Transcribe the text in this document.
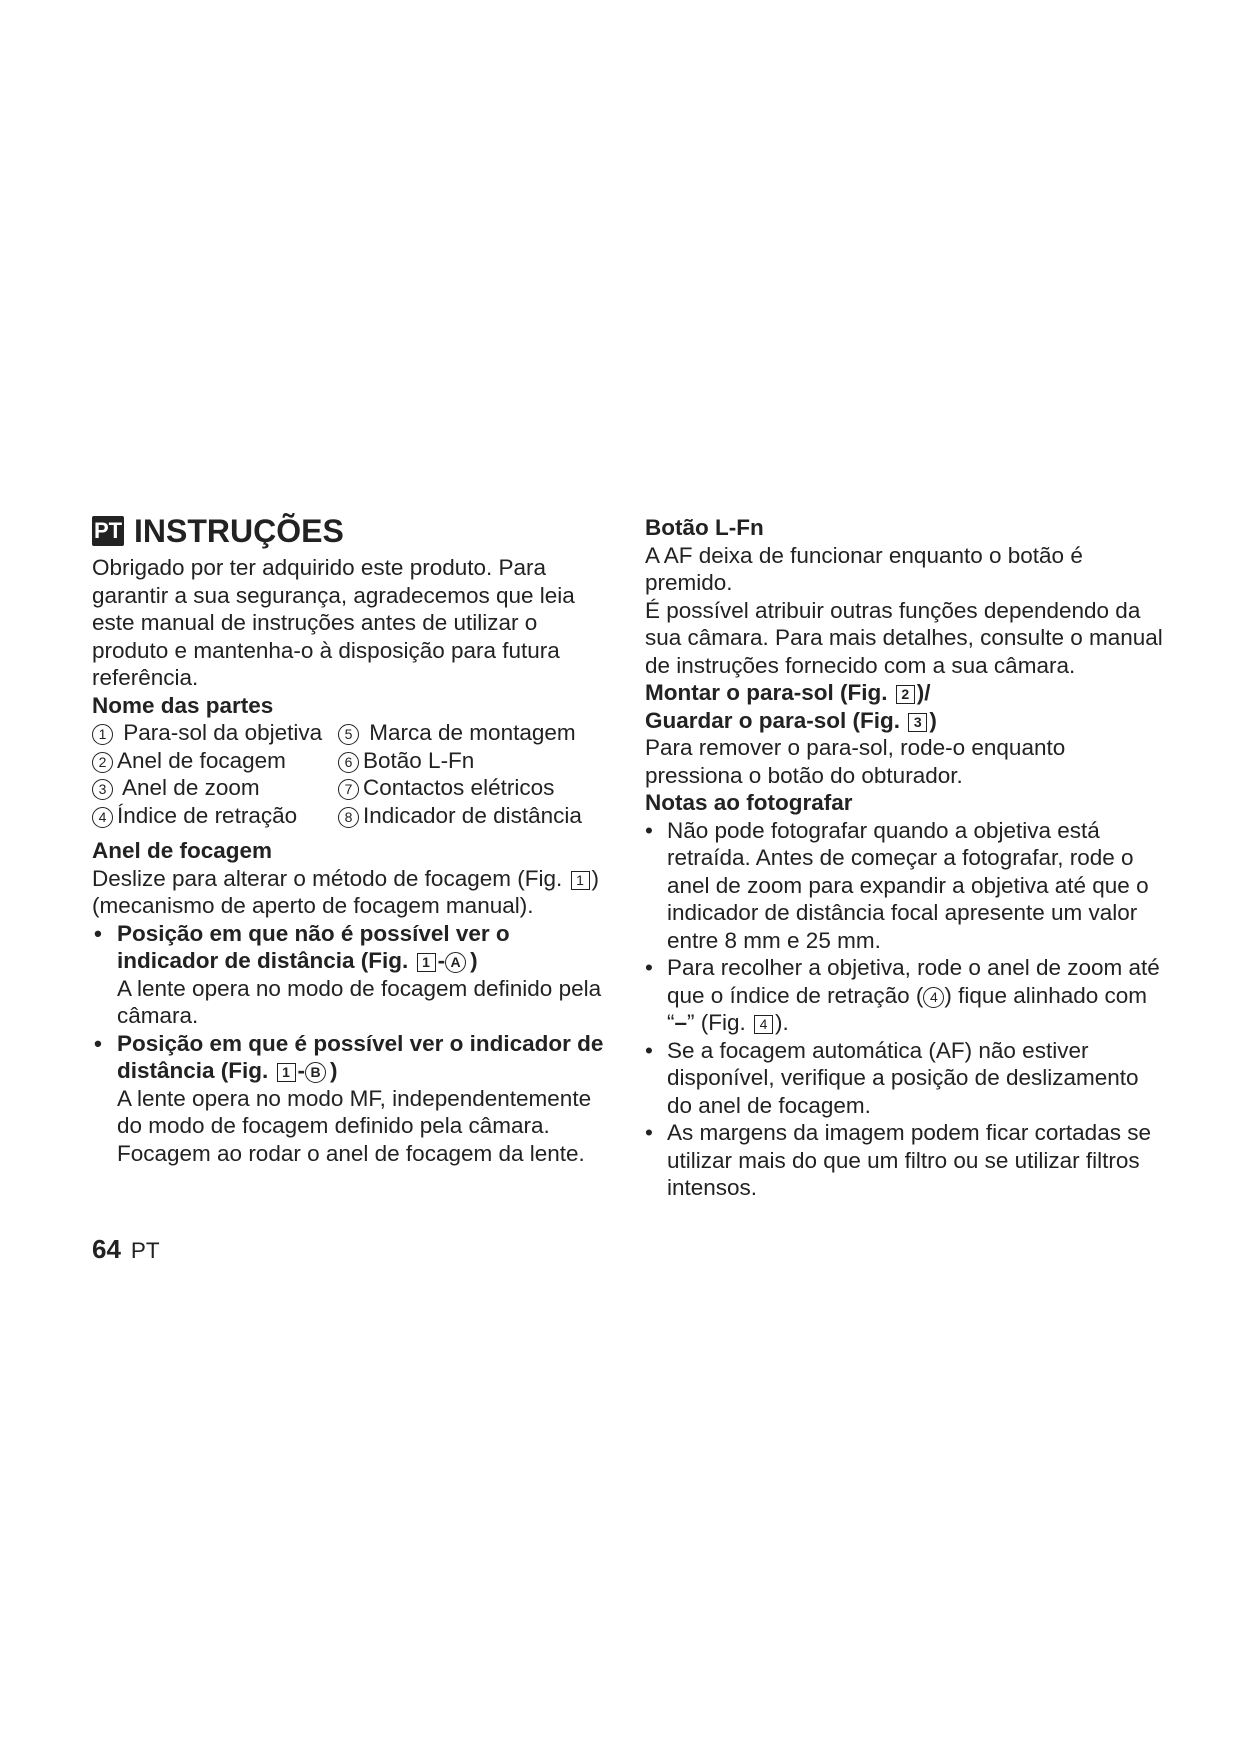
PT INSTRUÇÕES

Obrigado por ter adquirido este produto. Para garantir a sua segurança, agradecemos que leia este manual de instruções antes de utilizar o produto e mantenha-o à disposição para futura referência.

Nome das partes

1 Para-sol da objetiva	5 Marca de montagem
2 Anel de focagem	6 Botão L-Fn
3 Anel de zoom	7 Contactos elétricos
4 Índice de retração	8 Indicador de distância

Anel de focagem

Deslize para alterar o método de focagem (Fig. 1 ) (mecanismo de aperto de focagem manual).

• Posição em que não é possível ver o indicador de distância (Fig. 1 - A )

A lente opera no modo de focagem definido pela câmara.

• Posição em que é possível ver o indicador de distância (Fig. 1 - B )

A lente opera no modo MF, independentemente do modo de focagem definido pela câmara. Focagem ao rodar o anel de focagem da lente.

Botão L-Fn

A AF deixa de funcionar enquanto o botão é premido.

É possível atribuir outras funções dependendo da sua câmara. Para mais detalhes, consulte o manual de instruções fornecido com a sua câmara.

Montar o para-sol (Fig. 2 )/
Guardar o para-sol (Fig. 3 )

Para remover o para-sol, rode-o enquanto pressiona o botão do obturador.

Notas ao fotografar

• Não pode fotografar quando a objetiva está retraída. Antes de começar a fotografar, rode o anel de zoom para expandir a objetiva até que o indicador de distância focal apresente um valor entre 8 mm e 25 mm.
• Para recolher a objetiva, rode o anel de zoom até que o índice de retração ( 4 ) fique alinhado com “–” (Fig. 4 ).
• Se a focagem automática (AF) não estiver disponível, verifique a posição de deslizamento do anel de focagem.
• As margens da imagem podem ficar cortadas se utilizar mais do que um filtro ou se utilizar filtros intensos.
64 PT
